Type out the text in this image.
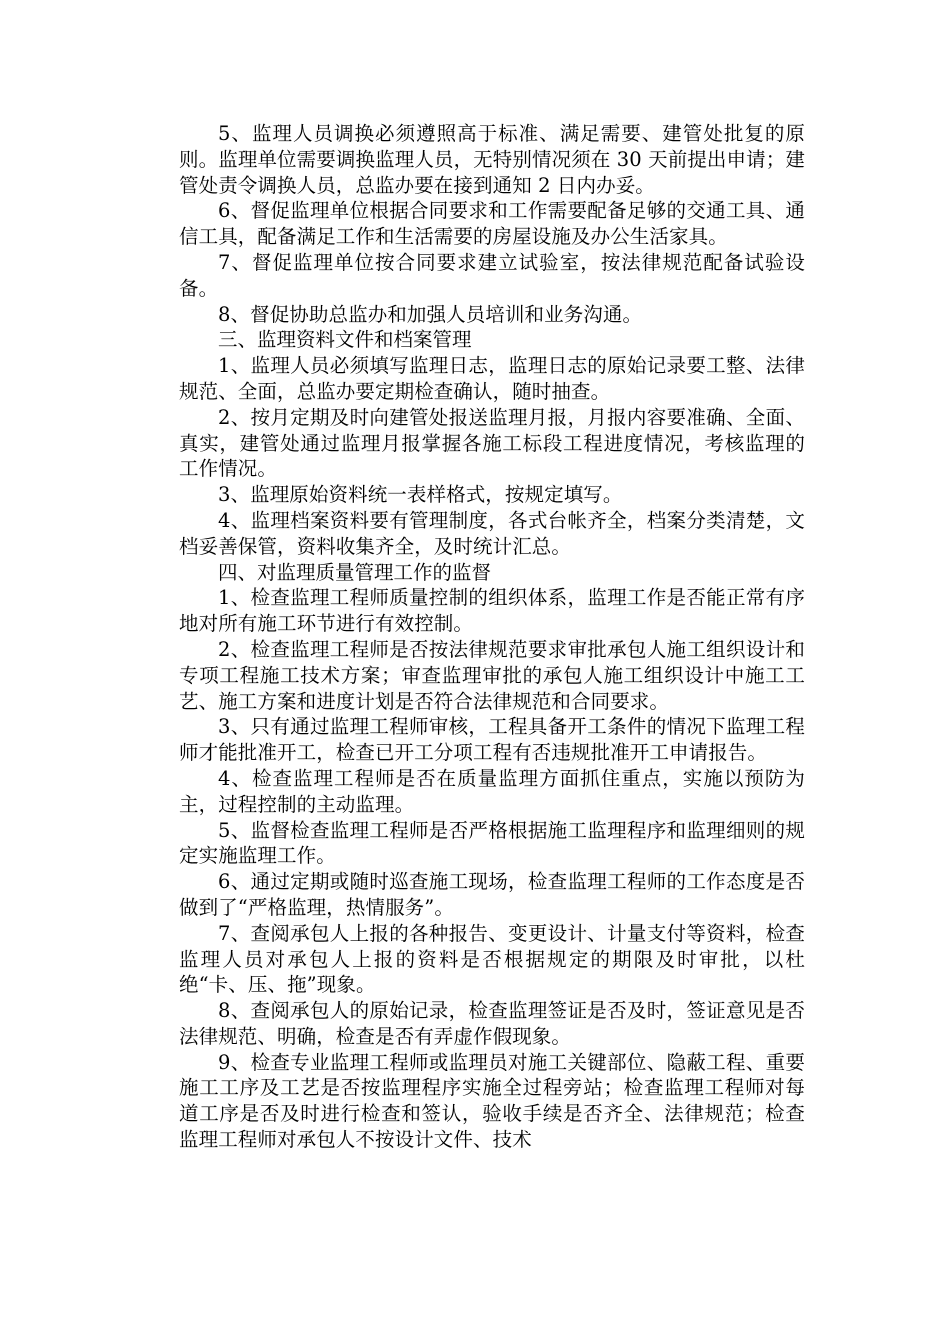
5、监理人员调换必须遵照高于标准、满足需要、建管处批复的原则。监理单位需要调换监理人员，无特别情况须在 30 天前提出申请；建管处责令调换人员，总监办要在接到通知 2 日内办妥。

6、督促监理单位根据合同要求和工作需要配备足够的交通工具、通信工具，配备满足工作和生活需要的房屋设施及办公生活家具。

7、督促监理单位按合同要求建立试验室，按法律规范配备试验设备。

8、督促协助总监办和加强人员培训和业务沟通。

三、监理资料文件和档案管理

1、监理人员必须填写监理日志，监理日志的原始记录要工整、法律规范、全面，总监办要定期检查确认，随时抽查。

2、按月定期及时向建管处报送监理月报，月报内容要准确、全面、真实，建管处通过监理月报掌握各施工标段工程进度情况，考核监理的工作情况。

3、监理原始资料统一表样格式，按规定填写。

4、监理档案资料要有管理制度，各式台帐齐全，档案分类清楚，文档妥善保管，资料收集齐全，及时统计汇总。

四、对监理质量管理工作的监督

1、检查监理工程师质量控制的组织体系，监理工作是否能正常有序地对所有施工环节进行有效控制。

2、检查监理工程师是否按法律规范要求审批承包人施工组织设计和专项工程施工技术方案；审查监理审批的承包人施工组织设计中施工工艺、施工方案和进度计划是否符合法律规范和合同要求。

3、只有通过监理工程师审核，工程具备开工条件的情况下监理工程师才能批准开工，检查已开工分项工程有否违规批准开工申请报告。

4、检查监理工程师是否在质量监理方面抓住重点，实施以预防为主，过程控制的主动监理。

5、监督检查监理工程师是否严格根据施工监理程序和监理细则的规定实施监理工作。

6、通过定期或随时巡查施工现场，检查监理工程师的工作态度是否做到了“严格监理，热情服务”。

7、查阅承包人上报的各种报告、变更设计、计量支付等资料，检查监理人员对承包人上报的资料是否根据规定的期限及时审批，以杜绝“卡、压、拖”现象。

8、查阅承包人的原始记录，检查监理签证是否及时，签证意见是否法律规范、明确，检查是否有弄虚作假现象。

9、检查专业监理工程师或监理员对施工关键部位、隐蔽工程、重要施工工序及工艺是否按监理程序实施全过程旁站；检查监理工程师对每道工序是否及时进行检查和签认，验收手续是否齐全、法律规范；检查监理工程师对承包人不按设计文件、技术
